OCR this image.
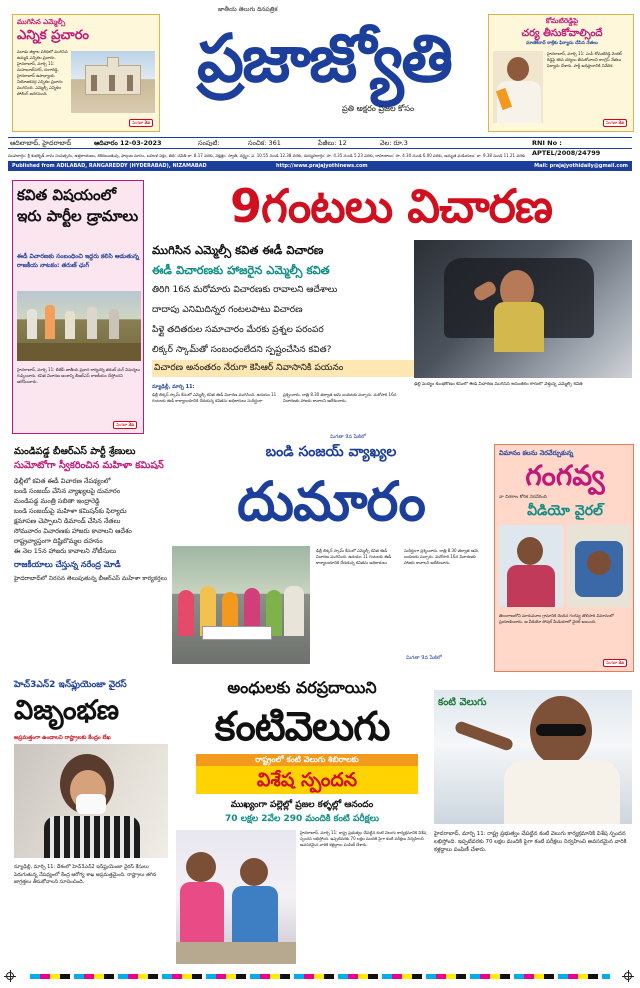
ముగిసిన ఎమ్మెల్సీ
ఎన్నిక ప్రచారం
మూడు జిల్లాల పరిధిలో ముగిసిన ఉమ్మడి ఎన్నికల ప్రచారం. హైదరాబాద్, మార్చి 11: మహబూబ్‌నగర్, రంగారెడ్డి, హైదరాబాద్ ఉపాధ్యాయ నియోజకవర్గ ఎన్నికల ప్రచారం ముగిసింది. ఎమ్మెల్సీ ఎన్నికల పోలింగ్ జరగనుంది.
మిగతా 3వ
జాతీయ తెలుగు దినపత్రిక
ప్రజాజ్యోతి
ప్రతి అక్షరం ప్రజల కోసం
కోమటిరెడ్డిపై
చర్య తీసుకోవాల్సిందే
మాణిక్‌రావ్ ఠాక్రేకు ఫిర్యాదు చేసిన నేతలు
హైదరాబాద్, మార్చి 11: ఎంపీ కోమటిరెడ్డి వెంకట్ రెడ్డిపై కఠిన చర్యలు తీసుకోవాలని కాంగ్రెస్ నేతలు ఫిర్యాదు చేశారు. పార్టీ అధిష్ఠానానికి నివేదిక.
మిగతా 3వ
ఆదిలాబాద్, హైదరాబాద్	ఆదివారం 12-03-2023	సంపుటి:	సంచిక: 361	పేజీలు: 12	వెల: రూ.3	RNI No : APTEL/2008/24799
ముహూర్తం: శ్రీ శుభకృత్ నామ సంవత్సరం, ఉత్తరాయణం, శిశిరఋతువు, ఫాల్గుణ మాసం, బహుళ పక్షం, తిథి: చవితి రా. 8.17 వరకు, నక్షత్రం: స్వాతి, వర్జ్యం: ప. 10.55 నుండి 12.38 వరకు, దుర్ముహూర్తం: సా. 4.35 నుండి 5.23 వరకు, రాహుకాలం: సా. 4.30 నుండి 6.00 వరకు, అమృత ఘడియలు: రా. 9.38 నుండి 11.21 వరకు
Published from ADILABAD, RANGAREDDY (HYDERABAD), NIZAMABAD	http://www.prajajyothinews.com	Mail: prajajyothidaily@gmail.com
కవిత విషయంలో ఇరు పార్టీల డ్రామాలు
ఈడీ విచారణకు సంబంధించి ఇద్దరు కలిసి ఆడుతున్న రాజకీయ నాటకం: తరుణ్ ఛుగ్
హైదరాబాద్, మార్చి 11: బీజేపీ జాతీయ ప్రధాన కార్యదర్శి తరుణ్ ఛుగ్ విమర్శలు గుప్పించారు. కవిత విచారణ అంశాన్ని బీఆర్ఎస్ రాజకీయం చేస్తోందని ఆరోపించారు.
మిగతా 3వ
9గంటలు విచారణ
ముగిసిన ఎమ్మెల్సీ కవిత ఈడీ విచారణ
ఈడీ విచారణకు హాజరైన ఎమ్మెల్సీ కవిత
తిరిగి 16న మరోమారు విచారణకు రావాలని ఆదేశాలు
దాదాపు ఎనిమిదిన్నర గంటలపాటు విచారణ
పిళ్లై తదితరుల సమాచారం మేరకు ప్రశ్నల పరంపర
లిక్కర్ స్కామ్‌తో సంబంధంలేదని స్పష్టంచేసిన కవిత?
విచారణ అనంతరం నేరుగా కెసిఆర్ నివాసానికి పయనం
ఢిల్లీ మద్యం కుంభకోణం కేసులో ఈడీ విచారణ ముగిసిన అనంతరం కారులో వెళ్తున్న ఎమ్మెల్సీ కవిత
న్యూఢిల్లీ, మార్చి 11:
ఢిల్లీ లిక్కర్ స్కామ్ కేసులో ఎమ్మెల్సీ కవిత ఈడీ విచారణ ముగిసింది. ఉదయం 11 గంటలకు ఈడీ కార్యాలయానికి చేరుకున్న కవితను అధికారులు సుదీర్ఘంగా ప్రశ్నించారు. రాత్రి 8.30 తర్వాత ఆమె బయటకు వచ్చారు. మరోసారి 16న విచారణకు హాజరు కావాలని ఆదేశించారు.
మిగతా 9వ పేజీలో
మండిపడ్డ బీఆర్ఎస్ పార్టీ శ్రేణులు
సుమోటోగా స్వీకరించిన మహిళా కమిషన్
ఢిల్లీలో కవిత ఈడీ విచారణ నేపథ్యంలో
బండి సంజయ్ చేసిన వ్యాఖ్యలపై దుమారం
మండిపడ్డ మంత్రి సబితా ఇంద్రారెడ్డి
బండి సంజయ్‌పై మహిళా కమిషన్‌కు ఫిర్యాదు
క్షమాపణ చెప్పాలని డిమాండ్ చేసిన నేతలు
సోమవారం విచారణకు హాజరు కావాలని ఆదేశం
రాష్ట్రవ్యాప్తంగా దిష్టిబొమ్మల దహనం
ఈ నెల 15న హాజరు కావాలని నోటీసులు
రాజకీయాలు చేస్తున్న నరేంద్ర మోడీ
హైదరాబాద్‌లో నిరసన తెలుపుతున్న బీఆర్ఎస్ మహిళా కార్యకర్తలు
బండి సంజయ్ వ్యాఖ్యల
దుమారం
ఢిల్లీ లిక్కర్ స్కామ్ కేసులో ఎమ్మెల్సీ కవిత ఈడీ విచారణ ముగిసింది. ఉదయం 11 గంటలకు ఈడీ కార్యాలయానికి చేరుకున్న కవితను అధికారులు సుదీర్ఘంగా ప్రశ్నించారు. రాత్రి 8.30 తర్వాత ఆమె బయటకు వచ్చారు. మరోసారి 16న విచారణకు హాజరు కావాలని ఆదేశించారు.
మిగతా 9వ పేజీలో
విమానం కలను నెరవేర్చుకున్న
గంగవ్వ
నా చిరకాల కోరిక నెరవేరింది
వీడియో వైరల్
తెలంగాణలోని మారుమూల గ్రామానికి చెందిన గంగవ్వ తొలిసారి విమానంలో ప్రయాణించారు. ఆ వీడియో సోషల్ మీడియాలో వైరల్ అయింది.
మిగతా 3వ
హెచ్3ఎన్2 ఇన్‌ఫ్లుయెంజా వైరస్
విజృంభణ
అప్రమత్తంగా ఉండాలని రాష్ట్రాలకు కేంద్రం లేఖ
న్యూఢిల్లీ, మార్చి 11: దేశంలో హెచ్3ఎన్2 ఇన్‌ఫ్లుయెంజా వైరస్ కేసులు పెరుగుతున్న నేపథ్యంలో కేంద్ర ఆరోగ్య శాఖ అప్రమత్తమైంది. రాష్ట్రాలు తగిన జాగ్రత్తలు తీసుకోవాలని సూచించింది.
అంధులకు వరప్రదాయిని
కంటివెలుగు
రాష్ట్రంలో కంటి వెలుగు శిబిరాలకు
విశేష స్పందన
ముఖ్యంగా పల్లెల్లో ప్రజల కళ్ళల్లో ఆనందం
70 లక్షల 2వేల 290 మందికి కంటి పరీక్షలు
హైదరాబాద్, మార్చి 11: రాష్ట్ర ప్రభుత్వం చేపట్టిన కంటి వెలుగు కార్యక్రమానికి విశేష స్పందన లభిస్తోంది. ఇప్పటివరకు 70 లక్షల మందికి పైగా కంటి పరీక్షలు నిర్వహించి అవసరమైన వారికి కళ్లద్దాలు పంపిణీ చేశారు.
కంటి వెలుగు
హైదరాబాద్, మార్చి 11: రాష్ట్ర ప్రభుత్వం చేపట్టిన కంటి వెలుగు కార్యక్రమానికి విశేష స్పందన లభిస్తోంది. ఇప్పటివరకు 70 లక్షల మందికి పైగా కంటి పరీక్షలు నిర్వహించి అవసరమైన వారికి కళ్లద్దాలు పంపిణీ చేశారు.
